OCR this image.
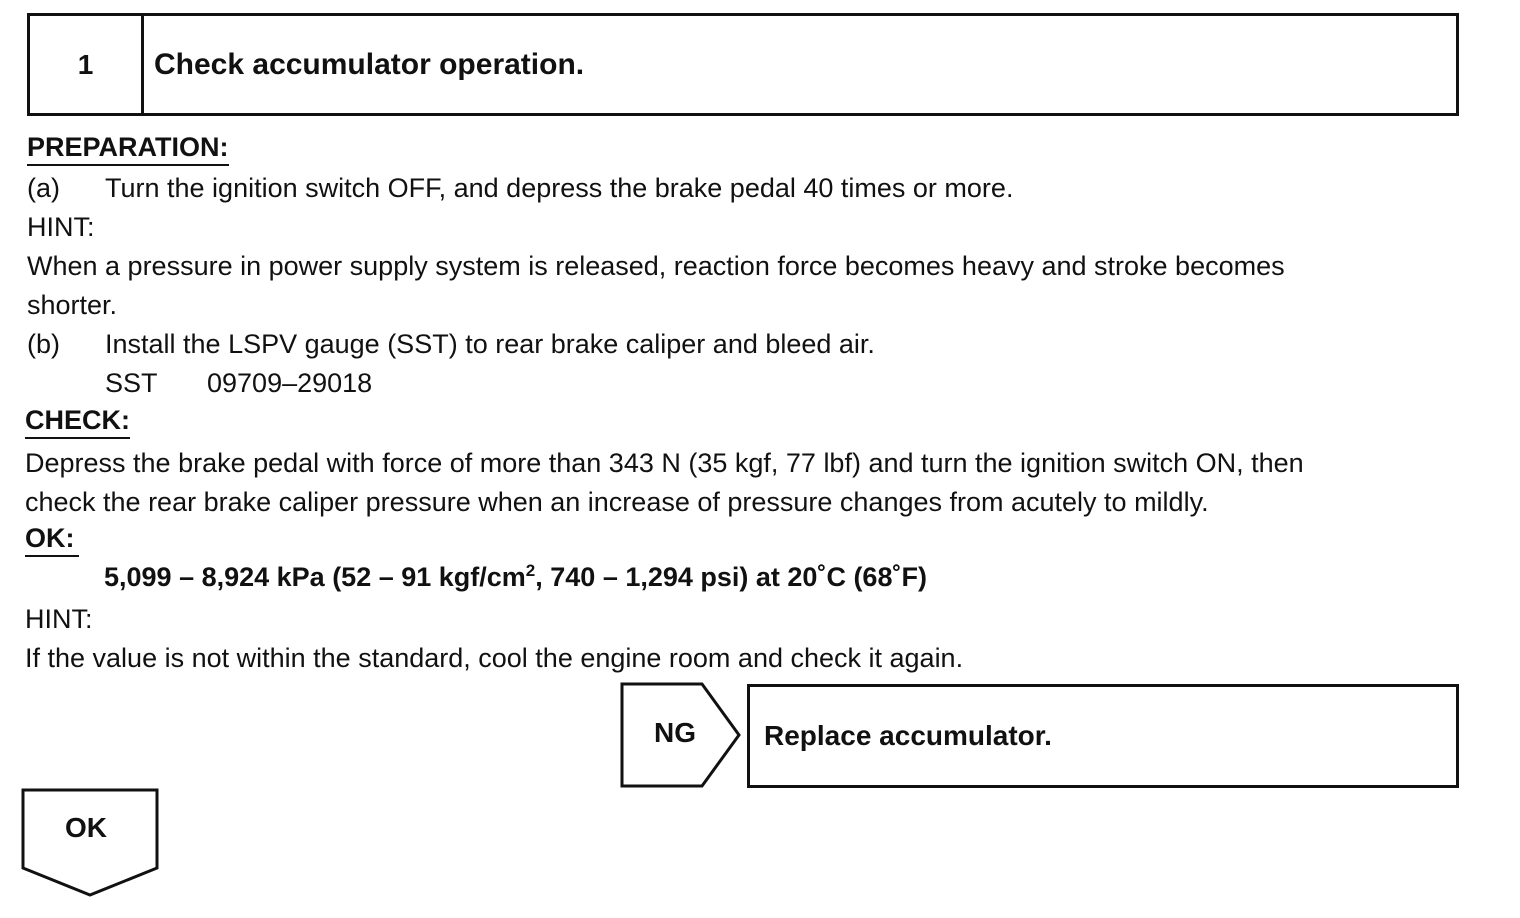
1	Check accumulator operation.
PREPARATION:
(a) Turn the ignition switch OFF, and depress the brake pedal 40 times or more.
HINT:
When a pressure in power supply system is released, reaction force becomes heavy and stroke becomes
shorter.
(b) Install the LSPV gauge (SST) to rear brake caliper and bleed air.
SST 09709–29018
CHECK:
Depress the brake pedal with force of more than 343 N (35 kgf, 77 lbf) and turn the ignition switch ON, then
check the rear brake caliper pressure when an increase of pressure changes from acutely to mildly.
OK:
5,099 – 8,924 kPa (52 – 91 kgf/$cm^2$, 740 – 1,294 psi) at 20˚C (68˚F)
HINT:
If the value is not within the standard, cool the engine room and check it again.
NG Replace accumulator.
OK
